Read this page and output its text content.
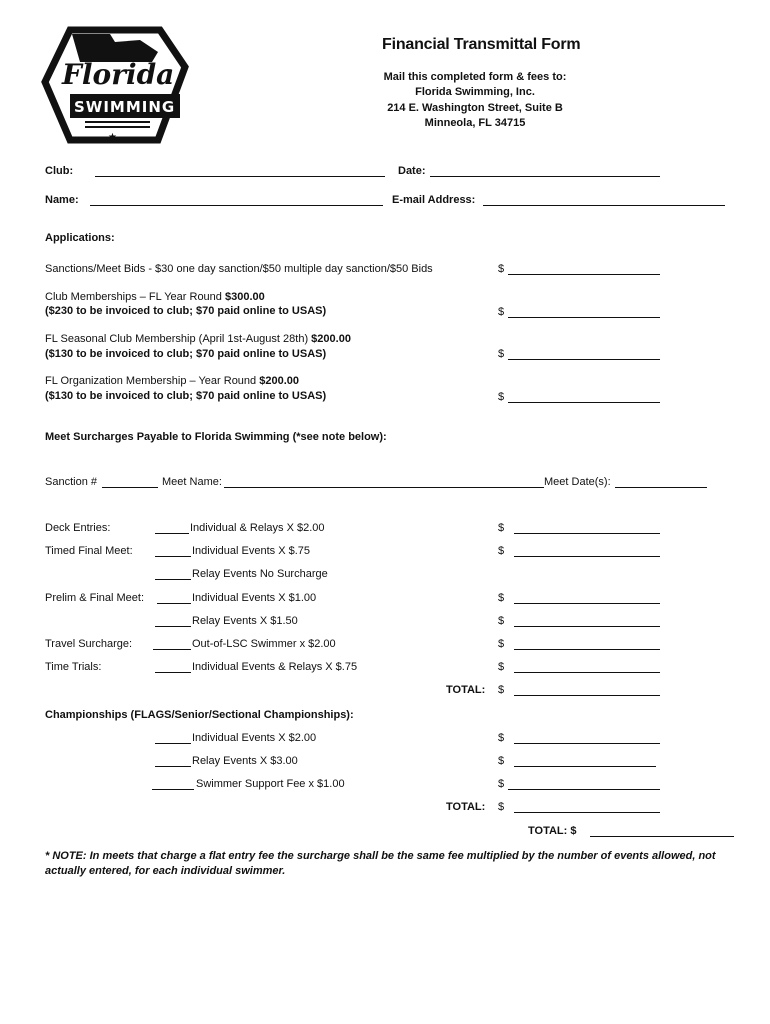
★
Florida
SWIMMING
Financial Transmittal Form
Mail this completed form & fees to:
Florida Swimming, Inc.
214 E. Washington Street, Suite B
Minneola, FL 34715
Club:	Date:
Name:	E-mail Address:
Applications:
Sanctions/Meet Bids - $30 one day sanction/$50 multiple day sanction/$50 Bids	$
Club Memberships – FL Year Round $300.00
($230 to be invoiced to club; $70 paid online to USAS)	$
FL Seasonal Club Membership (April 1st-August 28th) $200.00
($130 to be invoiced to club; $70 paid online to USAS)	$
FL Organization Membership – Year Round $200.00
($130 to be invoiced to club; $70 paid online to USAS)	$
Meet Surcharges Payable to Florida Swimming (*see note below):
Sanction #	Meet Name:	Meet Date(s):
Deck Entries:	Individual & Relays X $2.00	$
Timed Final Meet:	Individual Events X $.75	$
Relay Events No Surcharge
Prelim & Final Meet:	Individual Events X $1.00	$
Relay Events X $1.50	$
Travel Surcharge:	Out-of-LSC Swimmer x $2.00	$
Time Trials:	Individual Events & Relays X $.75	$
TOTAL: $
Championships (FLAGS/Senior/Sectional Championships):
Individual Events X $2.00	$
Relay Events X $3.00	$
Swimmer Support Fee x $1.00	$
TOTAL: $
TOTAL: $
* NOTE: In meets that charge a flat entry fee the surcharge shall be the same fee multiplied by the number of events allowed, not actually entered, for each individual swimmer.
